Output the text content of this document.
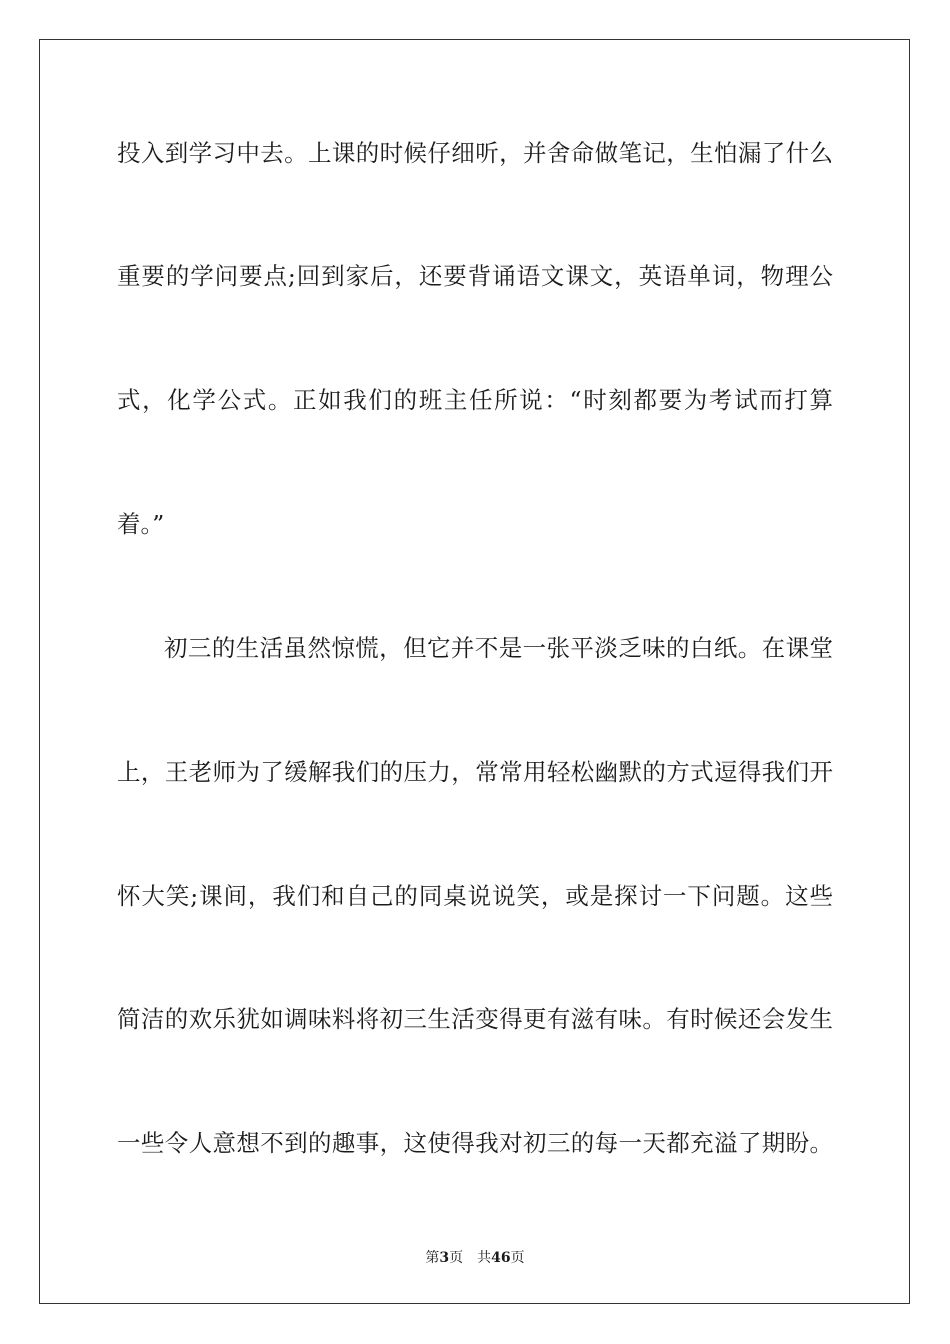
投入到学习中去。上课的时候仔细听，并舍命做笔记，生怕漏了什么
重要的学问要点;回到家后，还要背诵语文课文，英语单词，物理公
式，化学公式。正如我们的班主任所说：“时刻都要为考试而打算
着。”
初三的生活虽然惊慌，但它并不是一张平淡乏味的白纸。在课堂
上，王老师为了缓解我们的压力，常常用轻松幽默的方式逗得我们开
怀大笑;课间，我们和自己的同桌说说笑，或是探讨一下问题。这些
简洁的欢乐犹如调味料将初三生活变得更有滋有味。有时候还会发生
一些令人意想不到的趣事，这使得我对初三的每一天都充溢了期盼。
第3页 共46页
